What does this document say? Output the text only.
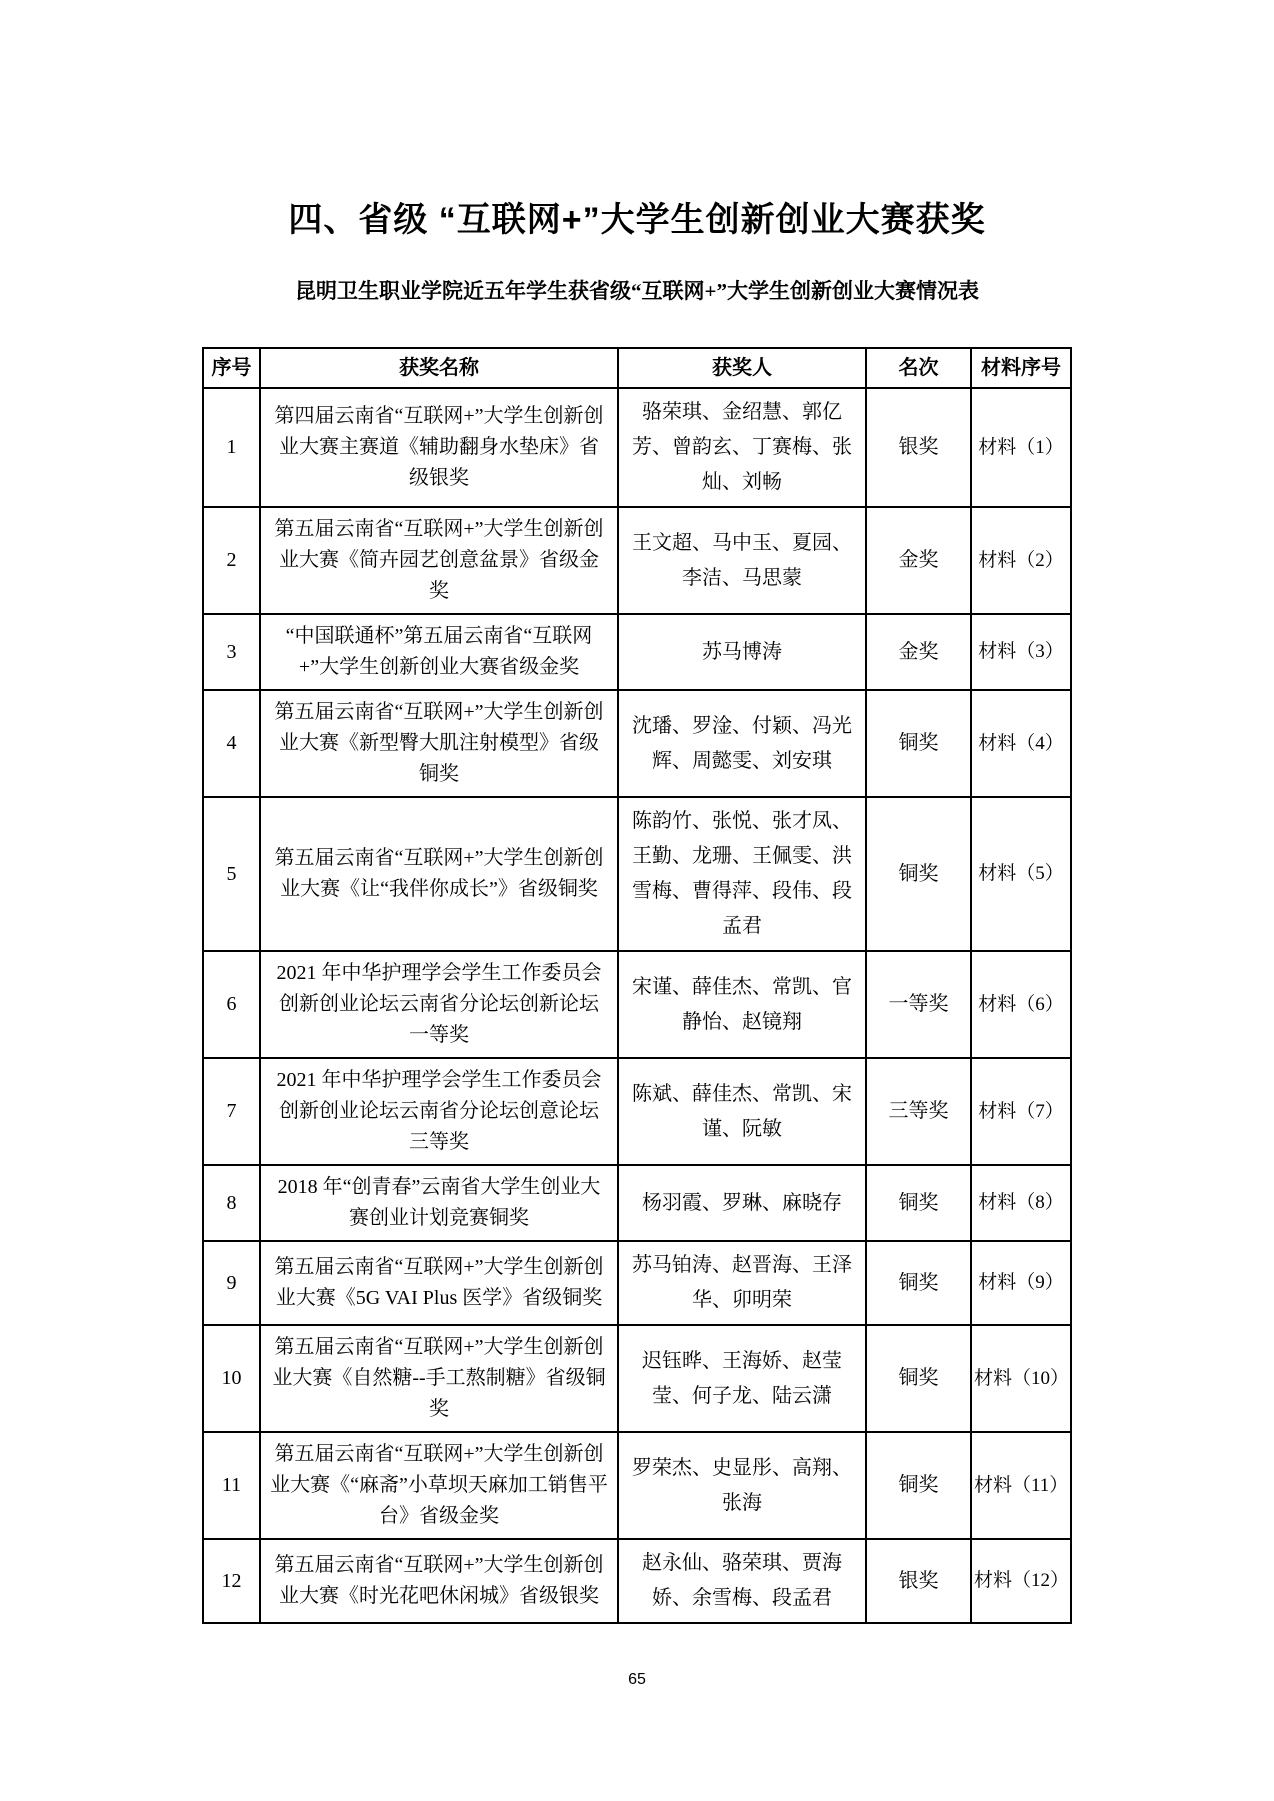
四、省级 “互联网+”大学生创新创业大赛获奖
昆明卫生职业学院近五年学生获省级“互联网+”大学生创新创业大赛情况表
序号	获奖名称	获奖人	名次	材料序号
1	第四届云南省“互联网+”大学生创新创业大赛主赛道《辅助翻身水垫床》省级银奖	骆荣琪、金绍慧、郭亿芳、曾韵玄、丁赛梅、张灿、刘畅	银奖	材料（1）
2	第五届云南省“互联网+”大学生创新创业大赛《简卉园艺创意盆景》省级金奖	王文超、马中玉、夏园、李洁、马思蒙	金奖	材料（2）
3	“中国联通杯”第五届云南省“互联网+”大学生创新创业大赛省级金奖	苏马博涛	金奖	材料（3）
4	第五届云南省“互联网+”大学生创新创业大赛《新型臀大肌注射模型》省级铜奖	沈璠、罗淦、付颖、冯光辉、周懿雯、刘安琪	铜奖	材料（4）
5	第五届云南省“互联网+”大学生创新创业大赛《让“我伴你成长”》省级铜奖	陈韵竹、张悦、张才凤、王勤、龙珊、王佩雯、洪雪梅、曹得萍、段伟、段孟君	铜奖	材料（5）
6	2021 年中华护理学会学生工作委员会创新创业论坛云南省分论坛创新论坛一等奖	宋谨、薛佳杰、常凯、官静怡、赵镜翔	一等奖	材料（6）
7	2021 年中华护理学会学生工作委员会创新创业论坛云南省分论坛创意论坛三等奖	陈斌、薛佳杰、常凯、宋谨、阮敏	三等奖	材料（7）
8	2018 年“创青春”云南省大学生创业大赛创业计划竞赛铜奖	杨羽霞、罗琳、麻晓存	铜奖	材料（8）
9	第五届云南省“互联网+”大学生创新创业大赛《5G VAI Plus 医学》省级铜奖	苏马铂涛、赵晋海、王泽华、卯明荣	铜奖	材料（9）
10	第五届云南省“互联网+”大学生创新创业大赛《自然糖--手工熬制糖》省级铜奖	迟钰晔、王海娇、赵莹莹、何子龙、陆云潇	铜奖	材料（10）
11	第五届云南省“互联网+”大学生创新创业大赛《“麻斋”小草坝天麻加工销售平台》省级金奖	罗荣杰、史显彤、高翔、张海	铜奖	材料（11）
12	第五届云南省“互联网+”大学生创新创业大赛《时光花吧休闲城》省级银奖	赵永仙、骆荣琪、贾海娇、余雪梅、段孟君	银奖	材料（12）
65
